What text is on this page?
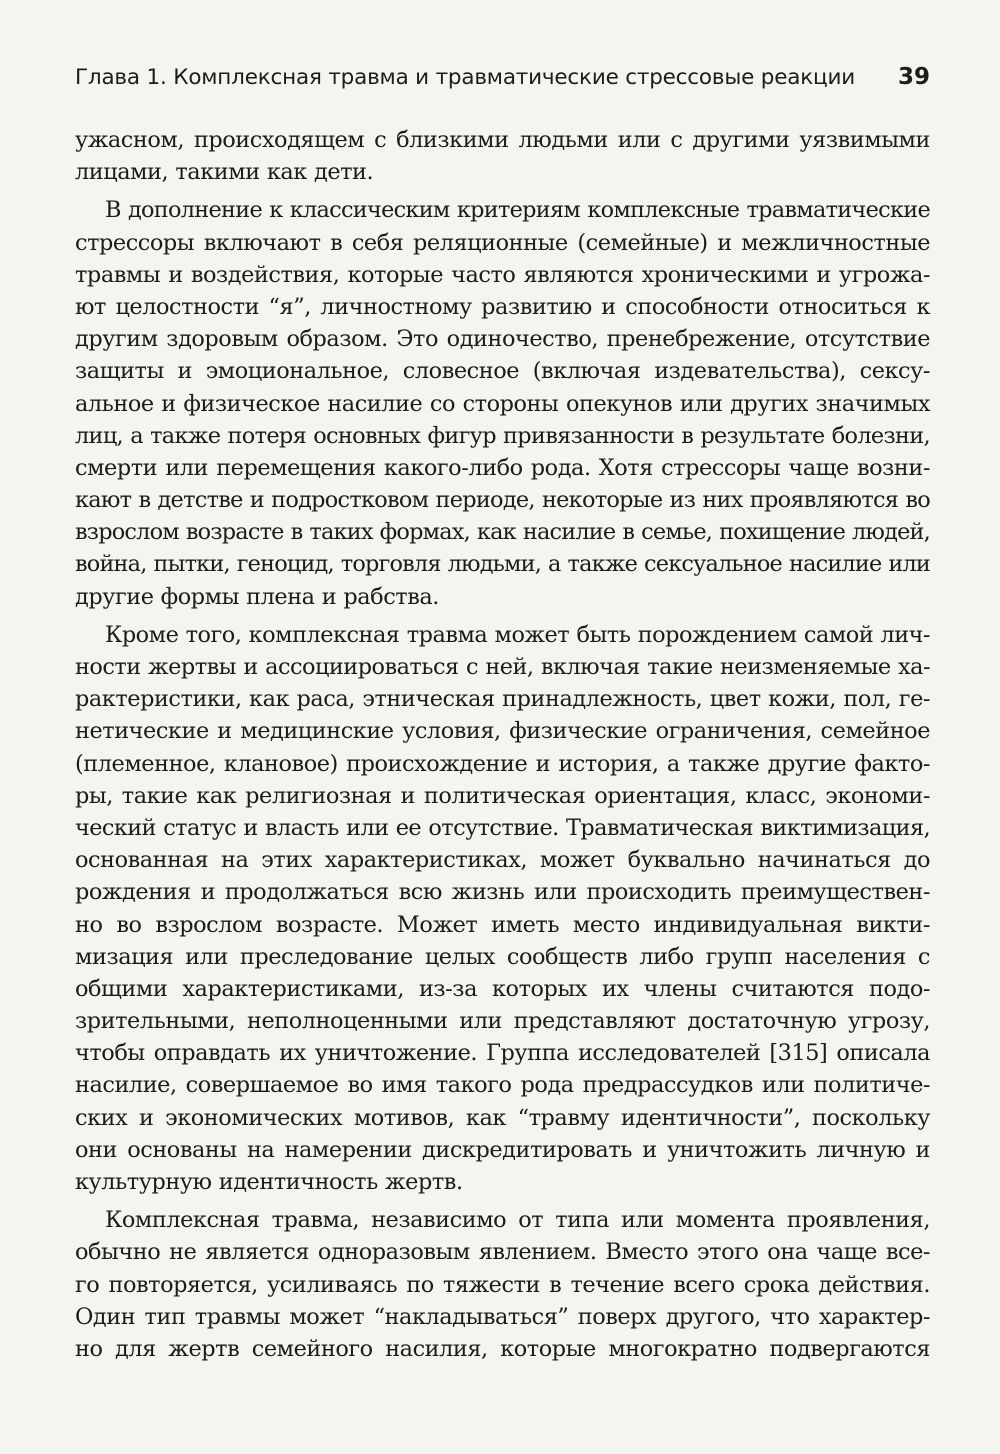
Глава 1. Комплексная травма и травматические стрессовые реакции 39
ужасном, происходящем с близкими людьми или с другими уязвимыми
лицами, такими как дети.
В дополнение к классическим критериям комплексные травматические
стрессоры включают в себя реляционные (семейные) и межличностные
травмы и воздействия, которые часто являются хроническими и угрожа-
ют целостности “я”, личностному развитию и способности относиться к
другим здоровым образом. Это одиночество, пренебрежение, отсутствие
защиты и эмоциональное, словесное (включая издевательства), сексу-
альное и физическое насилие со стороны опекунов или других значимых
лиц, а также потеря основных фигур привязанности в результате болезни,
смерти или перемещения какого-либо рода. Хотя стрессоры чаще возни-
кают в детстве и подростковом периоде, некоторые из них проявляются во
взрослом возрасте в таких формах, как насилие в семье, похищение людей,
война, пытки, геноцид, торговля людьми, а также сексуальное насилие или
другие формы плена и рабства.
Кроме того, комплексная травма может быть порождением самой лич-
ности жертвы и ассоциироваться с ней, включая такие неизменяемые ха-
рактеристики, как раса, этническая принадлежность, цвет кожи, пол, ге-
нетические и медицинские условия, физические ограничения, семейное
(племенное, клановое) происхождение и история, а также другие факто-
ры, такие как религиозная и политическая ориентация, класс, экономи-
ческий статус и власть или ее отсутствие. Травматическая виктимизация,
основанная на этих характеристиках, может буквально начинаться до
рождения и продолжаться всю жизнь или происходить преимуществен-
но во взрослом возрасте. Может иметь место индивидуальная викти-
мизация или преследование целых сообществ либо групп населения с
общими характеристиками, из-за которых их члены считаются подо-
зрительными, неполноценными или представляют достаточную угрозу,
чтобы оправдать их уничтожение. Группа исследователей [315] описала
насилие, совершаемое во имя такого рода предрассудков или политиче-
ских и экономических мотивов, как “травму идентичности”, поскольку
они основаны на намерении дискредитировать и уничтожить личную и
культурную идентичность жертв.
Комплексная травма, независимо от типа или момента проявления,
обычно не является одноразовым явлением. Вместо этого она чаще все-
го повторяется, усиливаясь по тяжести в течение всего срока действия.
Один тип травмы может “накладываться” поверх другого, что характер-
но для жертв семейного насилия, которые многократно подвергаются
